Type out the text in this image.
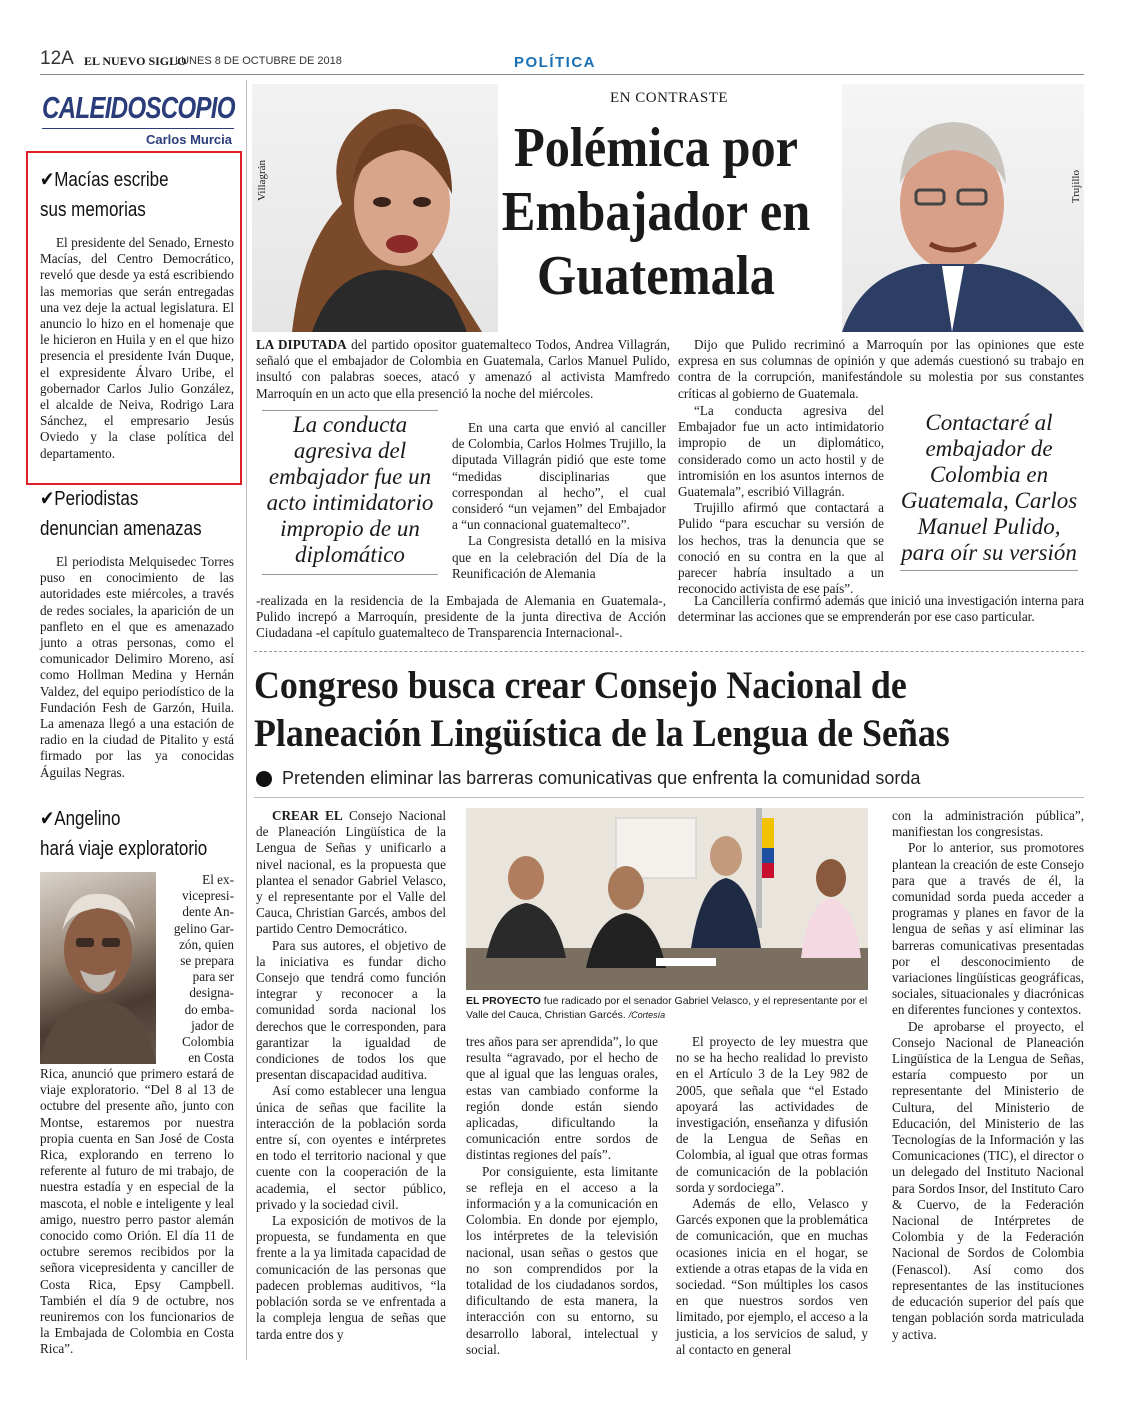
12A EL NUEVO SIGLO
LUNES 8 DE OCTUBRE DE 2018	POLÍTICA
CALEIDOSCOPIO
Carlos Murcia
✔Macías escribe
sus memorias

El presidente del Senado, Ernesto Macías, del Centro Democrático, reveló que desde ya está escribiendo las memorias que serán entregadas una vez deje la actual legislatura. El anuncio lo hizo en el homenaje que le hicieron en Huila y en el que hizo presencia el presidente Iván Duque, el expresidente Álvaro Uribe, el gobernador Carlos Julio González, el alcalde de Neiva, Rodrigo Lara Sánchez, el empresario Jesús Oviedo y la clase política del departamento.

✔Periodistas
denuncian amenazas

El periodista Melquisedec Torres puso en conocimiento de las autoridades este miércoles, a través de redes sociales, la aparición de un panfleto en el que es amenazado junto a otras personas, como el comunicador Delimiro Moreno, así como Hollman Medina y Hernán Valdez, del equipo periodístico de la Fundación Fesh de Garzón, Huila. La amenaza llegó a una estación de radio en la ciudad de Pitalito y está firmado por las ya conocidas Águilas Negras.

✔Angelino
hará viaje exploratorio
El ex-
vicepresi-
dente An-
gelino Gar-
zón, quien
se prepara
para ser
designa-
do emba-
jador de
Colombia
en Costa

Rica, anunció que primero estará de viaje exploratorio. “Del 8 al 13 de octubre del presente año, junto con Montse, estaremos por nuestra propia cuenta en San José de Costa Rica, explorando en terreno lo referente al futuro de mi trabajo, de nuestra estadía y en especial de la mascota, el noble e inteligente y leal amigo, nuestro perro pastor alemán conocido como Orión. El día 11 de octubre seremos recibidos por la señora vicepresidenta y canciller de Costa Rica, Epsy Campbell. También el día 9 de octubre, nos reuniremos con los funcionarios de la Embajada de Colombia en Costa Rica”.

Villagrán
EN CONTRASTE
Polémica por
Embajador en
Guatemala
Trujillo

LA DIPUTADA del partido opositor guatemalteco Todos, Andrea Villagrán, señaló que el embajador de Colombia en Guatemala, Carlos Manuel Pulido, insultó con palabras soeces, atacó y amenazó al activista Mamfredo Marroquín en un acto que ella presenció la noche del miércoles.

La conducta agresiva del embajador fue un acto intimidatorio impropio de un diplomático

En una carta que envió al canciller de Colombia, Carlos Holmes Trujillo, la diputada Villagrán pidió que este tome “medidas disciplinarias que correspondan al hecho”, el cual consideró “un vejamen” del Embajador a “un connacional guatemalteco”.

La Congresista detalló en la misiva que en la celebración del Día de la Reunificación de Alemania

-realizada en la residencia de la Embajada de Alemania en Guatemala-, Pulido increpó a Marroquín, presidente de la junta directiva de Acción Ciudadana -el capítulo guatemalteco de Transparencia Internacional-.

Dijo que Pulido recriminó a Marroquín por las opiniones que este expresa en sus columnas de opinión y que además cuestionó su trabajo en contra de la corrupción, manifestándole su molestia por sus constantes críticas al gobierno de Guatemala.

“La conducta agresiva del Embajador fue un acto intimidatorio impropio de un diplomático, considerado como un acto hostil y de intromisión en los asuntos internos de Guatemala”, escribió Villagrán.

Trujillo afirmó que contactará a Pulido “para escuchar su versión de los hechos, tras la denuncia que se conoció en su contra en la que al parecer habría insultado a un reconocido activista de ese país”.

Contactaré al embajador de Colombia en Guatemala, Carlos Manuel Pulido, para oír su versión

La Cancillería confirmó además que inició una investigación interna para determinar las acciones que se emprenderán por ese caso particular.

Congreso busca crear Consejo Nacional de
Planeación Lingüística de la Lengua de Señas
Pretenden eliminar las barreras comunicativas que enfrenta la comunidad sorda

CREAR EL Consejo Nacional de Planeación Lingüística de la Lengua de Señas y unificarlo a nivel nacional, es la propuesta que plantea el senador Gabriel Velasco, y el representante por el Valle del Cauca, Christian Garcés, ambos del partido Centro Democrático.

Para sus autores, el objetivo de la iniciativa es fundar dicho Consejo que tendrá como función integrar y reconocer a la comunidad sorda nacional los derechos que le corresponden, para garantizar la igualdad de condiciones de todos los que presentan discapacidad auditiva.

Así como establecer una lengua única de señas que facilite la interacción de la población sorda entre sí, con oyentes e intérpretes en todo el territorio nacional y que cuente con la cooperación de la academia, el sector público, privado y la sociedad civil.

La exposición de motivos de la propuesta, se fundamenta en que frente a la ya limitada capacidad de comunicación de las personas que padecen problemas auditivos, “la población sorda se ve enfrentada a la compleja lengua de señas que tarda entre dos y

EL PROYECTO fue radicado por el senador Gabriel Velasco, y el representante por el Valle del Cauca, Christian Garcés. /Cortesía

tres años para ser aprendida”, lo que resulta “agravado, por el hecho de que al igual que las lenguas orales, estas van cambiado conforme la región donde están siendo aplicadas, dificultando la comunicación entre sordos de distintas regiones del país”.

Por consiguiente, esta limitante se refleja en el acceso a la información y a la comunicación en Colombia. En donde por ejemplo, los intérpretes de la televisión nacional, usan señas o gestos que no son comprendidos por la totalidad de los ciudadanos sordos, dificultando de esta manera, la interacción con su entorno, su desarrollo laboral, intelectual y social.

El proyecto de ley muestra que no se ha hecho realidad lo previsto en el Artículo 3 de la Ley 982 de 2005, que señala que “el Estado apoyará las actividades de investigación, enseñanza y difusión de la Lengua de Señas en Colombia, al igual que otras formas de comunicación de la población sorda y sordociega”.

Además de ello, Velasco y Garcés exponen que la problemática de comunicación, que en muchas ocasiones inicia en el hogar, se extiende a otras etapas de la vida en sociedad. “Son múltiples los casos en que nuestros sordos ven limitado, por ejemplo, el acceso a la justicia, a los servicios de salud, y al contacto en general

con la administración pública”, manifiestan los congresistas.

Por lo anterior, sus promotores plantean la creación de este Consejo para que a través de él, la comunidad sorda pueda acceder a programas y planes en favor de la lengua de señas y así eliminar las barreras comunicativas presentadas por el desconocimiento de variaciones lingüísticas geográficas, sociales, situacionales y diacrónicas en diferentes funciones y contextos.

De aprobarse el proyecto, el Consejo Nacional de Planeación Lingüística de la Lengua de Señas, estaría compuesto por un representante del Ministerio de Cultura, del Ministerio de Educación, del Ministerio de las Tecnologías de la Información y las Comunicaciones (TIC), el director o un delegado del Instituto Nacional para Sordos Insor, del Instituto Caro & Cuervo, de la Federación Nacional de Intérpretes de Colombia y de la Federación Nacional de Sordos de Colombia (Fenascol). Así como dos representantes de las instituciones de educación superior del país que tengan población sorda matriculada y activa.
